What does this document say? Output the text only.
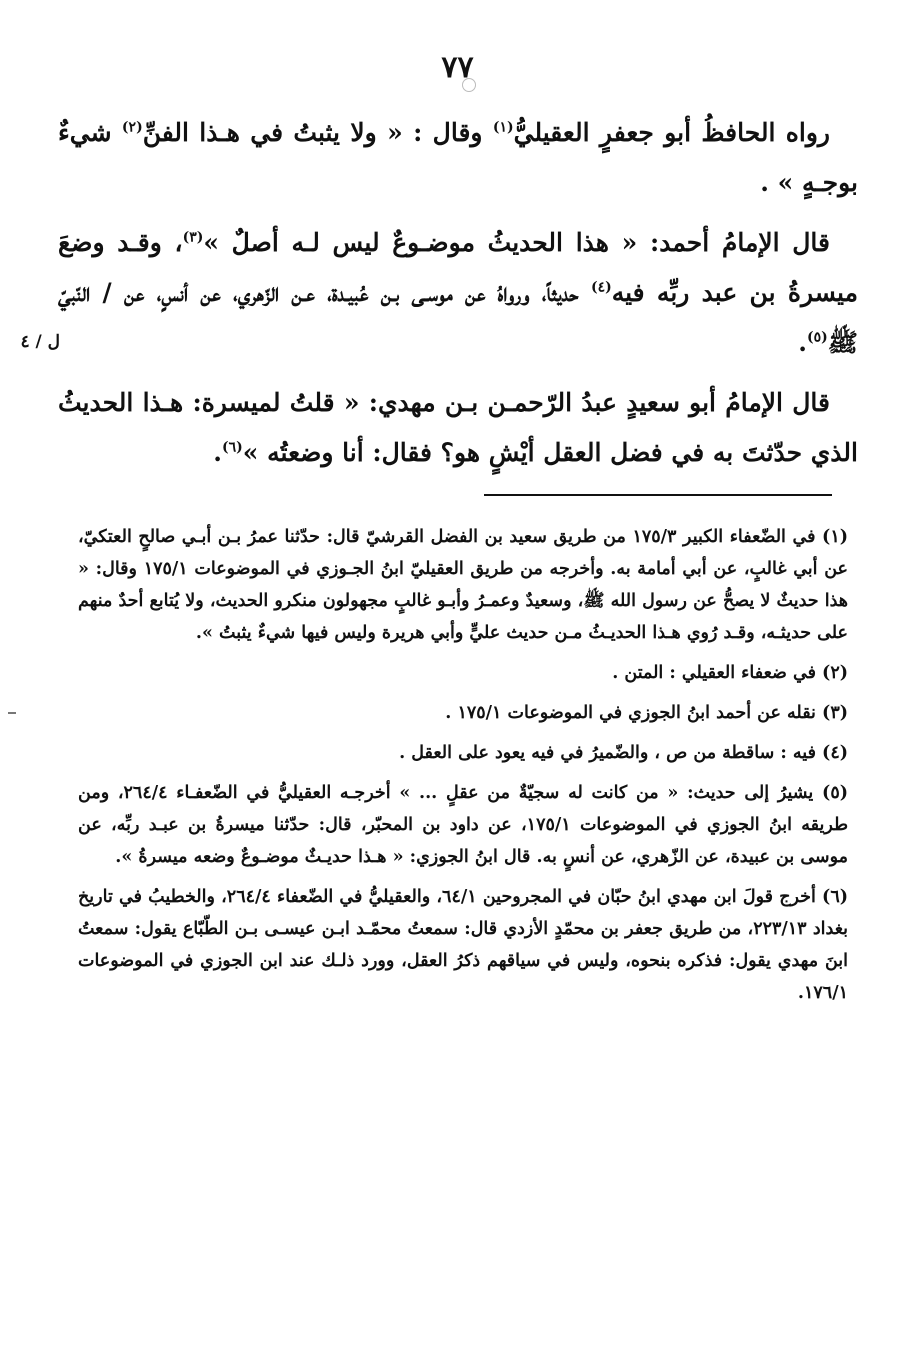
٧٧

رواه الحافظُ أبو جعفرٍ العقيليُّ$^{(١)}$ وقال : « ولا يثبتُ في هـذا الفنِّ$^{(٢)}$ شيءٌ بوجـهٍ » .

قال الإمامُ أحمد: « هذا الحديثُ موضـوعٌ ليس لـه أصلٌ »$^{(٣)}$، وقـد وضعَ ميسرةُ بن عبد ربِّه فيه$^{(٤)}$ حديثاً، ورواهُ عن موسـى بـن عُبيـدة، عـن الزّهري، عن أنسٍ، عن / النّبيّ ﷺ$^{(٥)}$.

قال الإمامُ أبو سعيدٍ عبدُ الرّحمـن بـن مهدي: « قلتُ لميسرة: هـذا الحديثُ الذي حدّثتَ به في فضل العقل أيْشٍ هو؟ فقال: أنا وضعتُه »$^{(٦)}$.

ل / ٤

(١) في الضّعفاء الكبير ١٧٥/٣ من طريق سعيد بن الفضل القرشيّ قال: حدّثنا عمرُ بـن أبـي صالحٍ العتكيّ، عن أبي غالبٍ، عن أبي أمامة به. وأخرجه من طريق العقيليّ ابنُ الجـوزي في الموضوعات ١٧٥/١ وقال: « هذا حديثٌ لا يصحُّ عن رسول الله ﷺ، وسعيدٌ وعمـرُ وأبـو غالبٍ مجهولون منكرو الحديث، ولا يُتابع أحدٌ منهم على حديثـه، وقـد رُوي هـذا الحديـثُ مـن حديث عليٍّ وأبي هريرة وليس فيها شيءٌ يثبتُ ».

(٢) في ضعفاء العقيلي : المتن .

(٣) نقله عن أحمد ابنُ الجوزي في الموضوعات ١٧٥/١ .

(٤) فيه : ساقطة من ص ، والضّميرُ في فيه يعود على العقل .

(٥) يشيرُ إلى حديث: « من كانت له سجيّةٌ من عقلٍ ... » أخرجـه العقيليُّ في الضّعفـاء ٢٦٤/٤، ومن طريقه ابنُ الجوزي في الموضوعات ١٧٥/١، عن داود بن المحبّر، قال: حدّثنا ميسرةُ بن عبـد ربِّه، عن موسى بن عبيدة، عن الزّهري، عن أنسٍ به. قال ابنُ الجوزي: « هـذا حديـثٌ موضـوعٌ وضعه ميسرةُ ».

(٦) أخرج قولَ ابن مهدي ابنُ حبّان في المجروحين ٦٤/١، والعقيليُّ في الضّعفاء ٢٦٤/٤، والخطيبُ في تاريخ بغداد ٢٢٣/١٣، من طريق جعفر بن محمّدٍ الأزدي قال: سمعتُ محمّـد ابـن عيسـى بـن الطّبّاع يقول: سمعتُ ابنَ مهدي يقول: فذكره بنحوه، وليس في سياقهم ذكرُ العقل، وورد ذلـك عند ابن الجوزي في الموضوعات ١٧٦/١.
